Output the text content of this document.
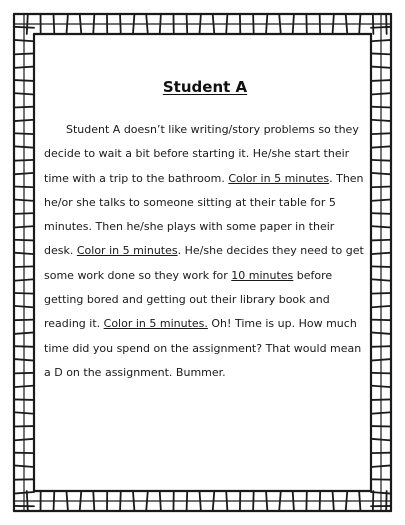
Student A

Student A doesn’t like writing/story problems so they decide to wait a bit before starting it. He/she start their time with a trip to the bathroom. Color in 5 minutes. Then he/or she talks to someone sitting at their table for 5 minutes. Then he/she plays with some paper in their desk. Color in 5 minutes. He/she decides they need to get some work done so they work for 10 minutes before getting bored and getting out their library book and reading it. Color in 5 minutes. Oh! Time is up. How much time did you spend on the assignment? That would mean a D on the assignment. Bummer.
